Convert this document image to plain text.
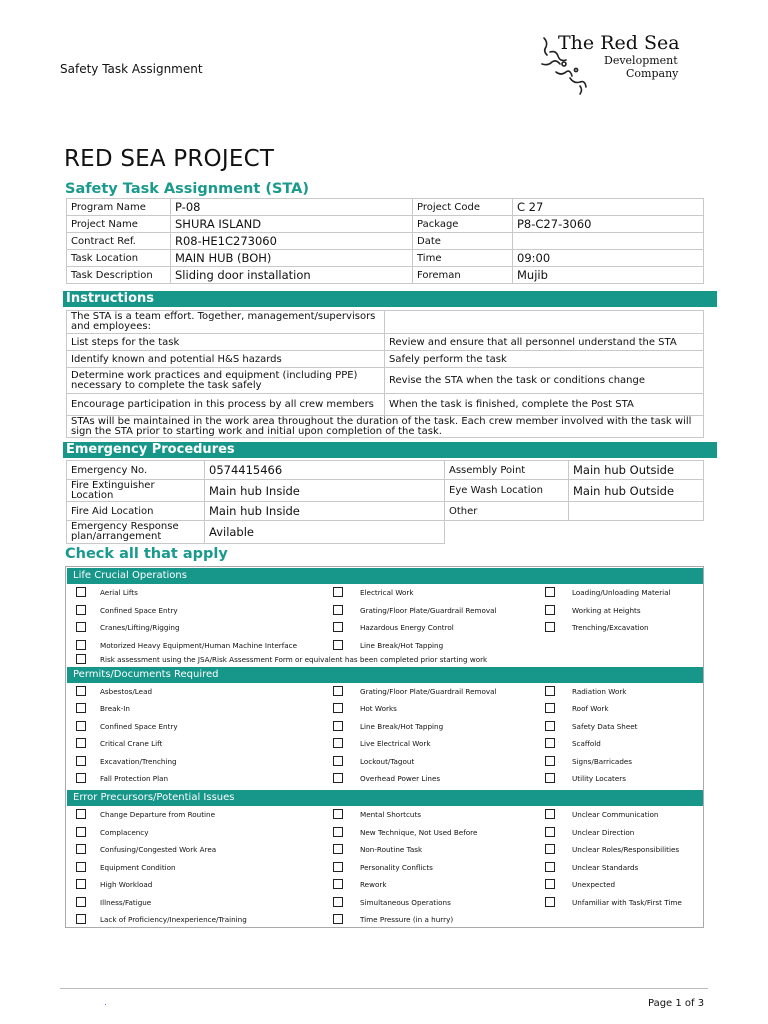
Safety Task Assignment
The Red Sea
Development
Company
RED SEA PROJECT
Safety Task Assignment (STA)
Program Name	P-08	Project Code	C 27
Project Name	SHURA ISLAND	Package	P8-C27-3060
Contract Ref.	R08-HE1C273060	Date	
Task Location	MAIN HUB (BOH)	Time	09:00
Task Description	Sliding door installation	Foreman	Mujib
Instructions
The STA is a team effort. Together, management/supervisors and employees:	
List steps for the task	Review and ensure that all personnel understand the STA
Identify known and potential H&S hazards	Safely perform the task
Determine work practices and equipment (including PPE) necessary to complete the task safely	Revise the STA when the task or conditions change
Encourage participation in this process by all crew members	When the task is finished, complete the Post STA
STAs will be maintained in the work area throughout the duration of the task. Each crew member involved with the task will sign the STA prior to starting work and initial upon completion of the task.	
Emergency Procedures
Emergency No.	0574415466	Assembly Point	Main hub Outside
Fire Extinguisher Location	Main hub Inside	Eye Wash Location	Main hub Outside
Fire Aid Location	Main hub Inside	Other	
Emergency Response plan/arrangement	Avilable		
Check all that apply
Life Crucial Operations
Permits/Documents Required
Error Precursors/Potential Issues
Aerial Lifts
Confined Space Entry
Cranes/Lifting/Rigging
Motorized Heavy Equipment/Human Machine Interface
Electrical Work
Grating/Floor Plate/Guardrail Removal
Hazardous Energy Control
Line Break/Hot Tapping
Loading/Unloading Material
Working at Heights
Trenching/Excavation
Risk assessment using the JSA/Risk Assessment Form or equivalent has been completed prior starting work
Asbestos/Lead
Break-In
Confined Space Entry
Critical Crane Lift
Excavation/Trenching
Fall Protection Plan
Grating/Floor Plate/Guardrail Removal
Hot Works
Line Break/Hot Tapping
Live Electrical Work
Lockout/Tagout
Overhead Power Lines
Radiation Work
Roof Work
Safety Data Sheet
Scaffold
Signs/Barricades
Utility Locaters
Change Departure from Routine
Complacency
Confusing/Congested Work Area
Equipment Condition
High Workload
Illness/Fatigue
Lack of Proficiency/Inexperience/Training
Mental Shortcuts
New Technique, Not Used Before
Non-Routine Task
Personality Conflicts
Rework
Simultaneous Operations
Time Pressure (in a hurry)
Unclear Communication
Unclear Direction
Unclear Roles/Responsibilities
Unclear Standards
Unexpected
Unfamiliar with Task/First Time
.	Page 1 of 3
